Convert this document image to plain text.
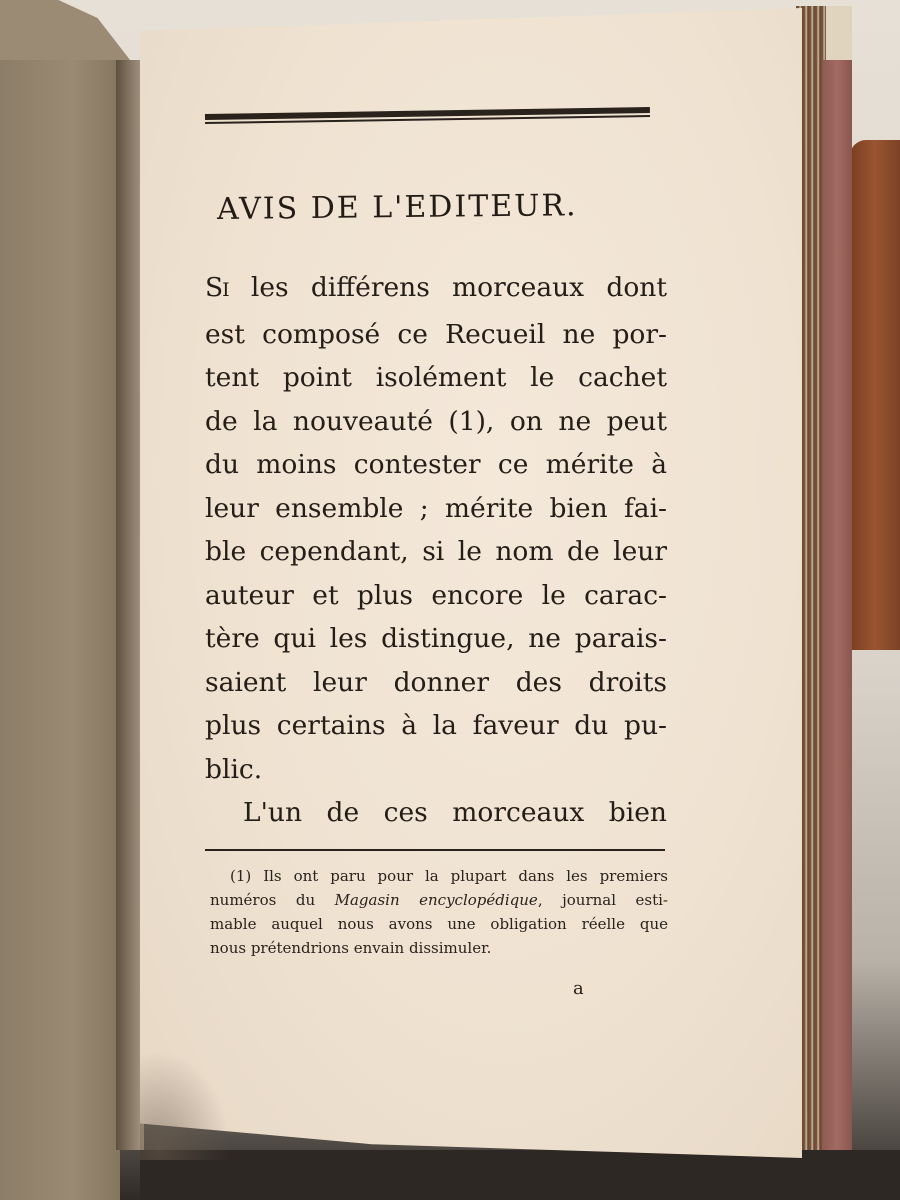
AVIS DE L'EDITEUR.
SI les différens morceaux dont
est composé ce Recueil ne por-
tent point isolément le cachet
de la nouveauté (1), on ne peut
du moins contester ce mérite à
leur ensemble ; mérite bien fai-
ble cependant, si le nom de leur
auteur et plus encore le carac-
tère qui les distingue, ne parais-
saient leur donner des droits
plus certains à la faveur du pu-
blic.
L'un de ces morceaux bien
(1) Ils ont paru pour la plupart dans les premiers
numéros du Magasin encyclopédique, journal esti-
mable auquel nous avons une obligation réelle que
nous prétendrions envain dissimuler.
a
